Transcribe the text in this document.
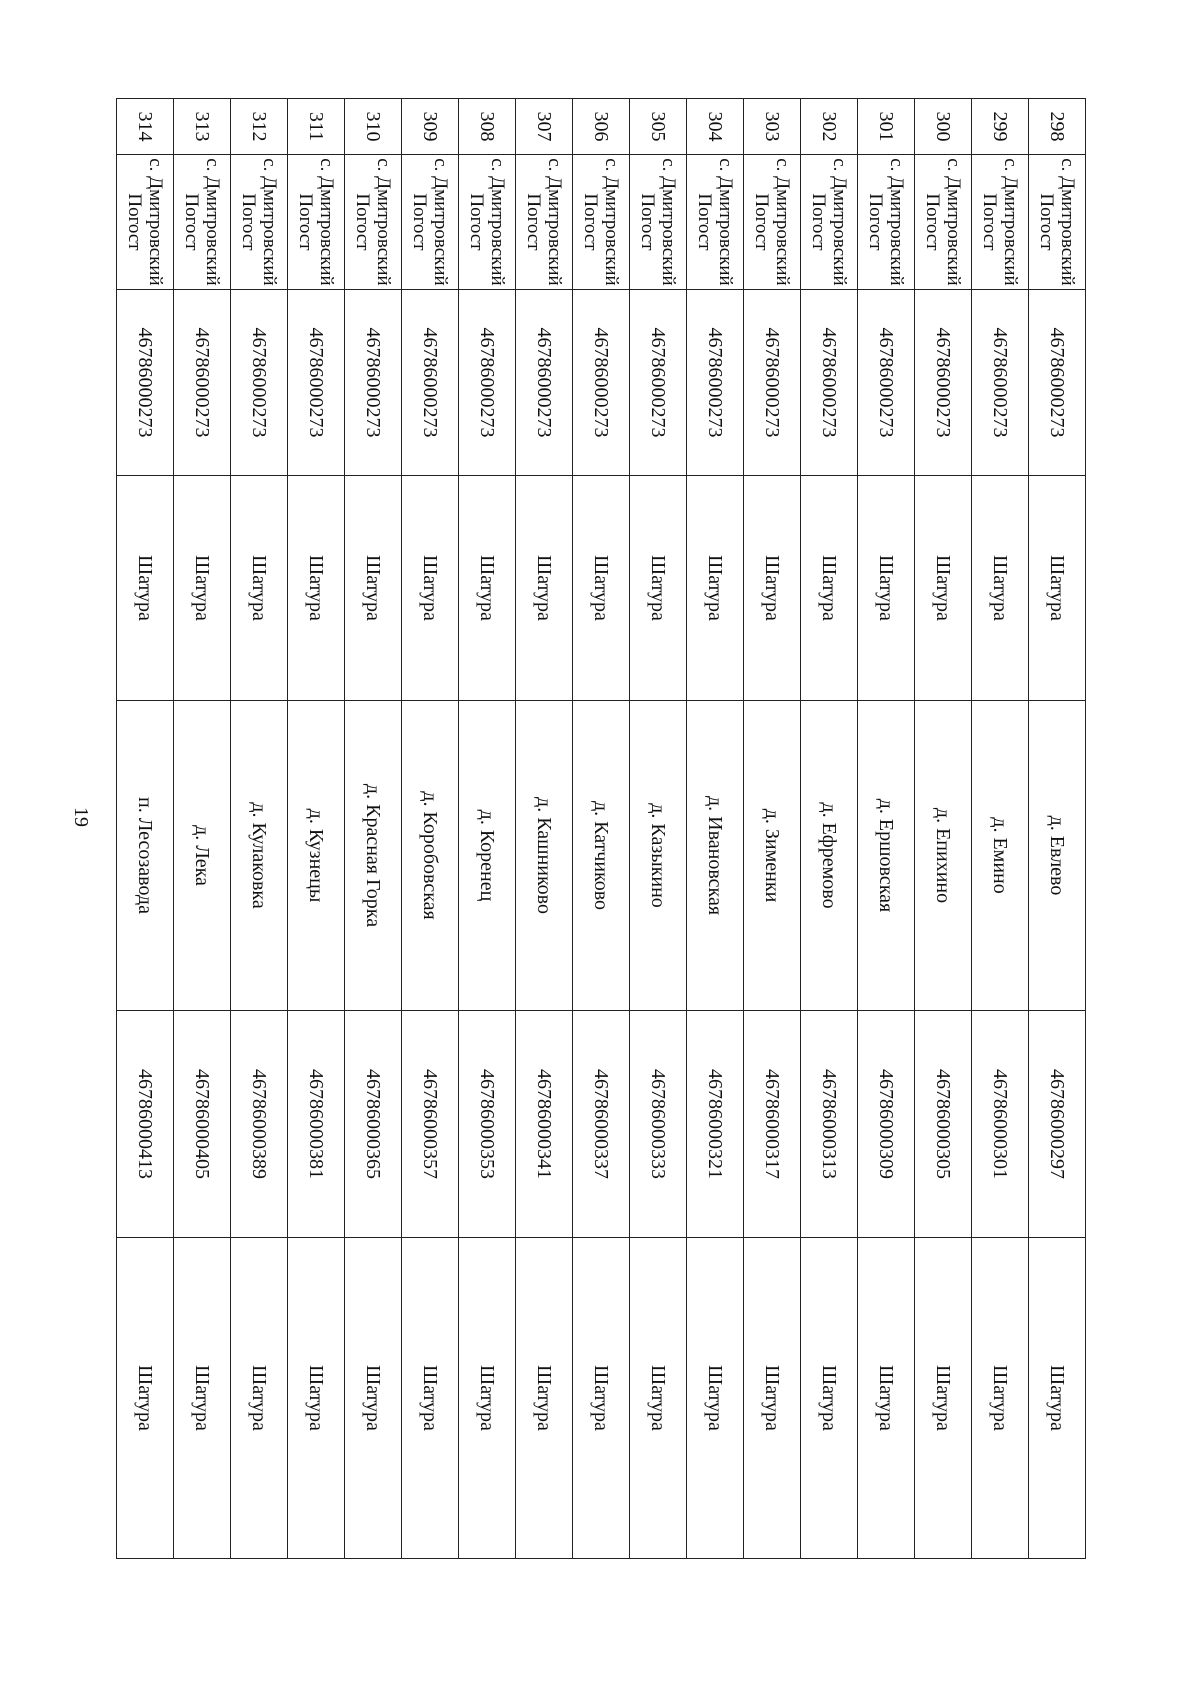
19
298	с. Дмитровский
Погост	46786000273	Шатура	д. Евлево	46786000297	Шатура
299	с. Дмитровский
Погост	46786000273	Шатура	д. Емино	46786000301	Шатура
300	с. Дмитровский
Погост	46786000273	Шатура	д. Епихино	46786000305	Шатура
301	с. Дмитровский
Погост	46786000273	Шатура	д. Ершовская	46786000309	Шатура
302	с. Дмитровский
Погост	46786000273	Шатура	д. Ефремово	46786000313	Шатура
303	с. Дмитровский
Погост	46786000273	Шатура	д. Зименки	46786000317	Шатура
304	с. Дмитровский
Погост	46786000273	Шатура	д. Ивановская	46786000321	Шатура
305	с. Дмитровский
Погост	46786000273	Шатура	д. Казыкино	46786000333	Шатура
306	с. Дмитровский
Погост	46786000273	Шатура	д. Катчиково	46786000337	Шатура
307	с. Дмитровский
Погост	46786000273	Шатура	д. Кашниково	46786000341	Шатура
308	с. Дмитровский
Погост	46786000273	Шатура	д. Коренец	46786000353	Шатура
309	с. Дмитровский
Погост	46786000273	Шатура	д. Коробовская	46786000357	Шатура
310	с. Дмитровский
Погост	46786000273	Шатура	д. Красная Горка	46786000365	Шатура
311	с. Дмитровский
Погост	46786000273	Шатура	д. Кузнецы	46786000381	Шатура
312	с. Дмитровский
Погост	46786000273	Шатура	д. Кулаковка	46786000389	Шатура
313	с. Дмитровский
Погост	46786000273	Шатура	д. Лека	46786000405	Шатура
314	с. Дмитровский
Погост	46786000273	Шатура	п. Лесозавода	46786000413	Шатура
